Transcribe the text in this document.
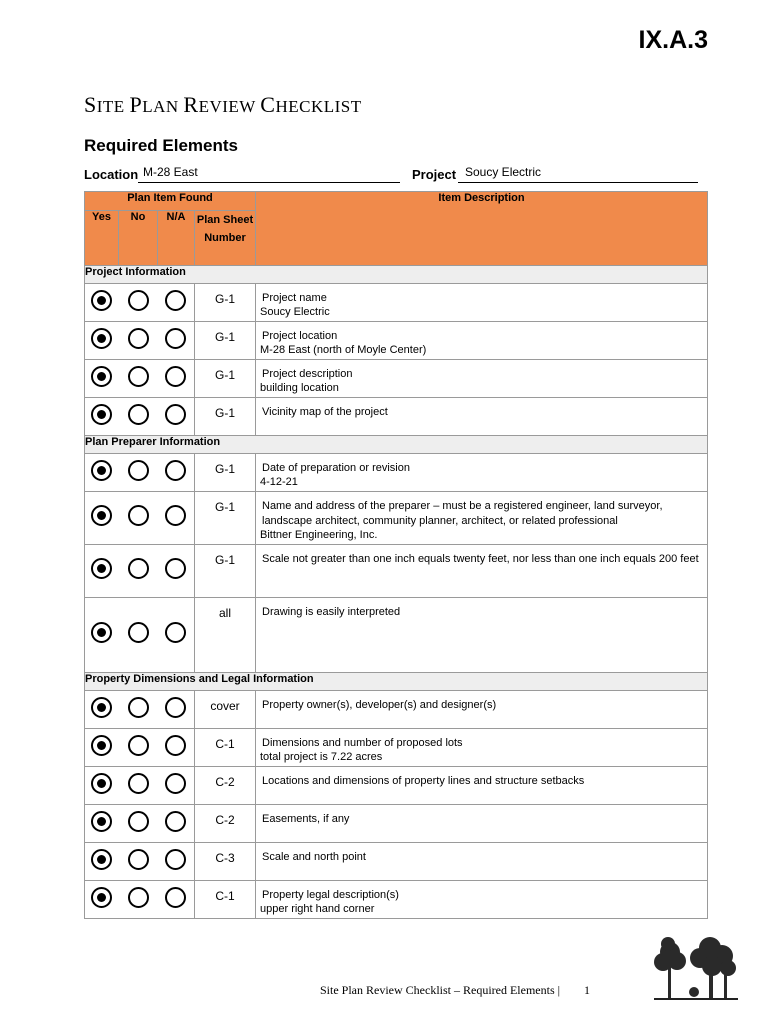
IX.A.3
SITE PLAN REVIEW CHECKLIST
Required Elements
Location M-28 East	Project Soucy Electric
Plan Item Found				Item Description
Yes	No	N/A	Plan Sheet Number	
Project Information				
			G-1	Project name
Soucy Electric

			G-1	Project location
M-28 East (north of Moyle Center)

			G-1	Project description
building location

			G-1	Vicinity map of the project
Plan Preparer Information				
			G-1	Date of preparation or revision
4-12-21

			G-1	Name and address of the preparer – must be a registered engineer, land surveyor, landscape architect, community planner, architect, or related professional
Bittner Engineering, Inc.

			G-1	Scale not greater than one inch equals twenty feet, nor less than one inch equals 200 feet
			all	Drawing is easily interpreted
Property Dimensions and Legal Information				
			cover	Property owner(s), developer(s) and designer(s)
			C-1	Dimensions and number of proposed lots
total project is 7.22 acres

			C-2	Locations and dimensions of property lines and structure setbacks
			C-2	Easements, if any
			C-3	Scale and north point
			C-1	Property legal description(s)
upper right hand corner
Site Plan Review Checklist – Required Elements | 1
